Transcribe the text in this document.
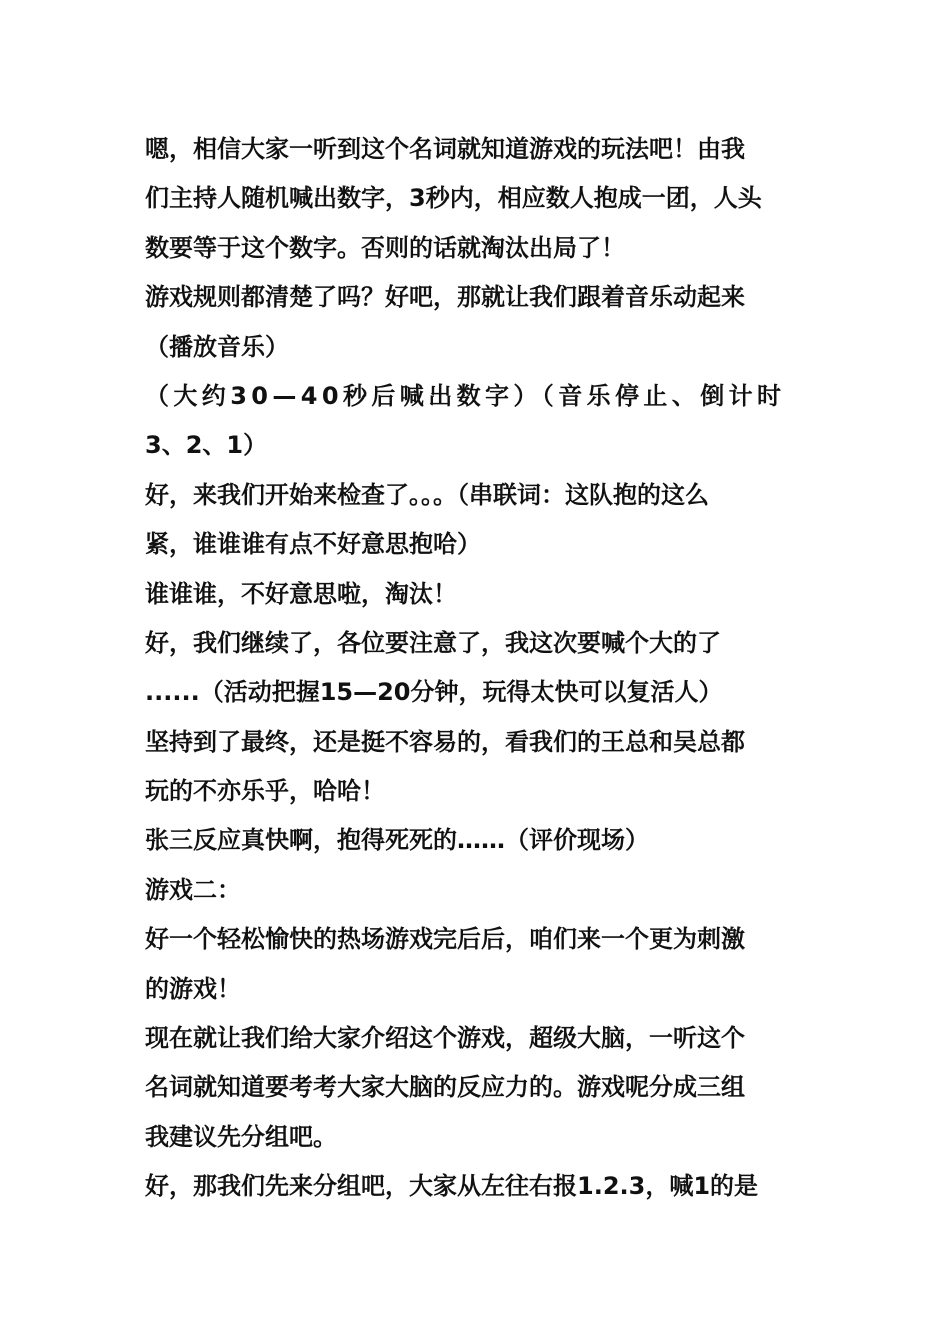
嗯，相信大家一听到这个名词就知道游戏的玩法吧！由我
们主持人随机喊出数字，3秒内，相应数人抱成一团，人头
数要等于这个数字。否则的话就淘汰出局了！
游戏规则都清楚了吗？好吧，那就让我们跟着音乐动起来
（播放音乐）
（大约30—40秒后喊出数字）（音乐停止、倒计时
3、2、1）
好，来我们开始来检查了。。。（串联词：这队抱的这么
紧，谁谁谁有点不好意思抱哈）
谁谁谁，不好意思啦，淘汰！
好，我们继续了，各位要注意了，我这次要喊个大的了
......（活动把握15—20分钟，玩得太快可以复活人）
坚持到了最终，还是挺不容易的，看我们的王总和吴总都
玩的不亦乐乎，哈哈！
张三反应真快啊，抱得死死的……（评价现场）
游戏二：
好一个轻松愉快的热场游戏完后后，咱们来一个更为刺激
的游戏！
现在就让我们给大家介绍这个游戏，超级大脑，一听这个
名词就知道要考考大家大脑的反应力的。游戏呢分成三组
我建议先分组吧。
好，那我们先来分组吧，大家从左往右报1.2.3，喊1的是
